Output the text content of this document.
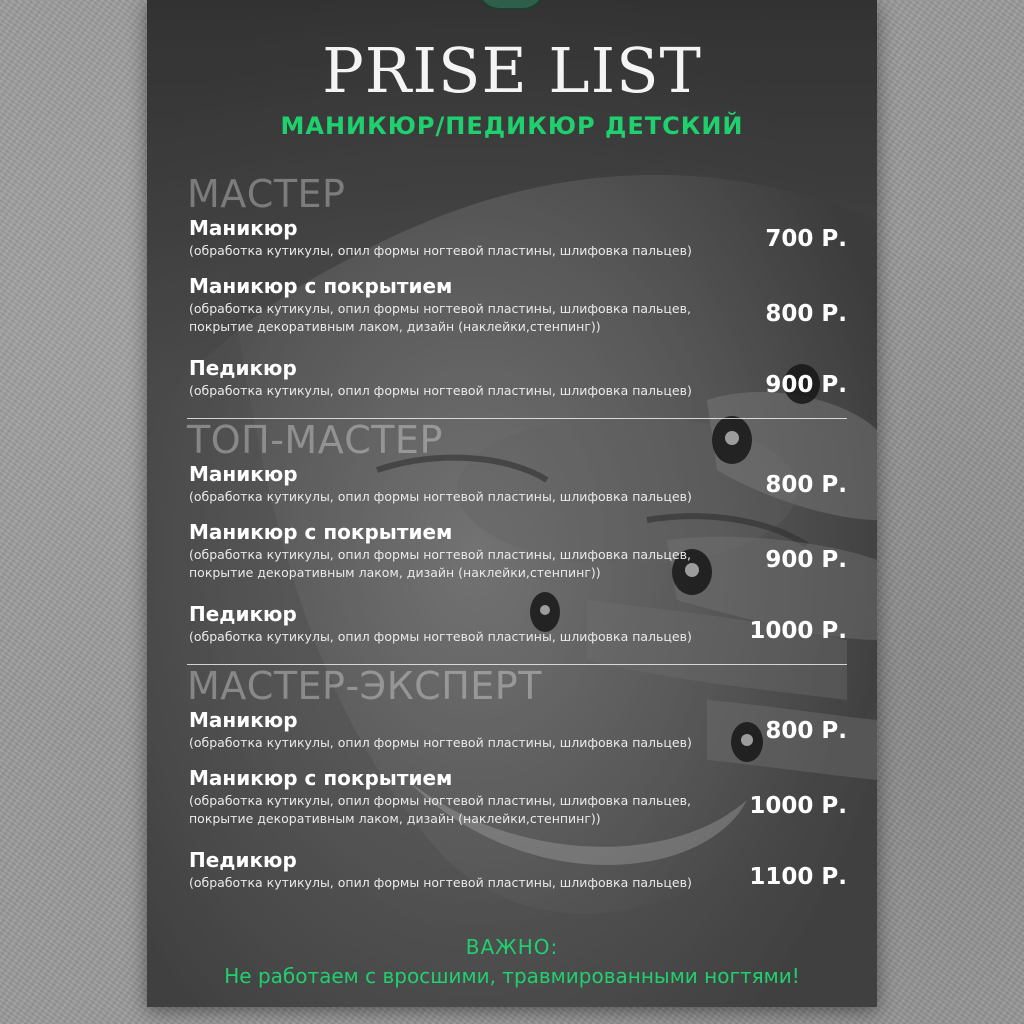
PRISE LIST
МАНИКЮР/ПЕДИКЮР ДЕТСКИЙ

МАСТЕР

Маникюр

(обработка кутикулы, опил формы ногтевой пластины, шлифовка пальцев)	700 Р.

Маникюр с покрытием

(обработка кутикулы, опил формы ногтевой пластины, шлифовка пальцев, покрытие декоративным лаком, дизайн (наклейки,стенпинг))	800 Р.

Педикюр

(обработка кутикулы, опил формы ногтевой пластины, шлифовка пальцев)	900 Р.

ТОП-МАСТЕР

Маникюр

(обработка кутикулы, опил формы ногтевой пластины, шлифовка пальцев)	800 Р.

Маникюр с покрытием

(обработка кутикулы, опил формы ногтевой пластины, шлифовка пальцев, покрытие декоративным лаком, дизайн (наклейки,стенпинг))	900 Р.

Педикюр

(обработка кутикулы, опил формы ногтевой пластины, шлифовка пальцев)	1000 Р.

МАСТЕР-ЭКСПЕРТ

Маникюр

(обработка кутикулы, опил формы ногтевой пластины, шлифовка пальцев)	800 Р.

Маникюр с покрытием

(обработка кутикулы, опил формы ногтевой пластины, шлифовка пальцев, покрытие декоративным лаком, дизайн (наклейки,стенпинг))	1000 Р.

Педикюр

(обработка кутикулы, опил формы ногтевой пластины, шлифовка пальцев)	1100 Р.

ВАЖНО:

Не работаем с вросшими, травмированными ногтями!
